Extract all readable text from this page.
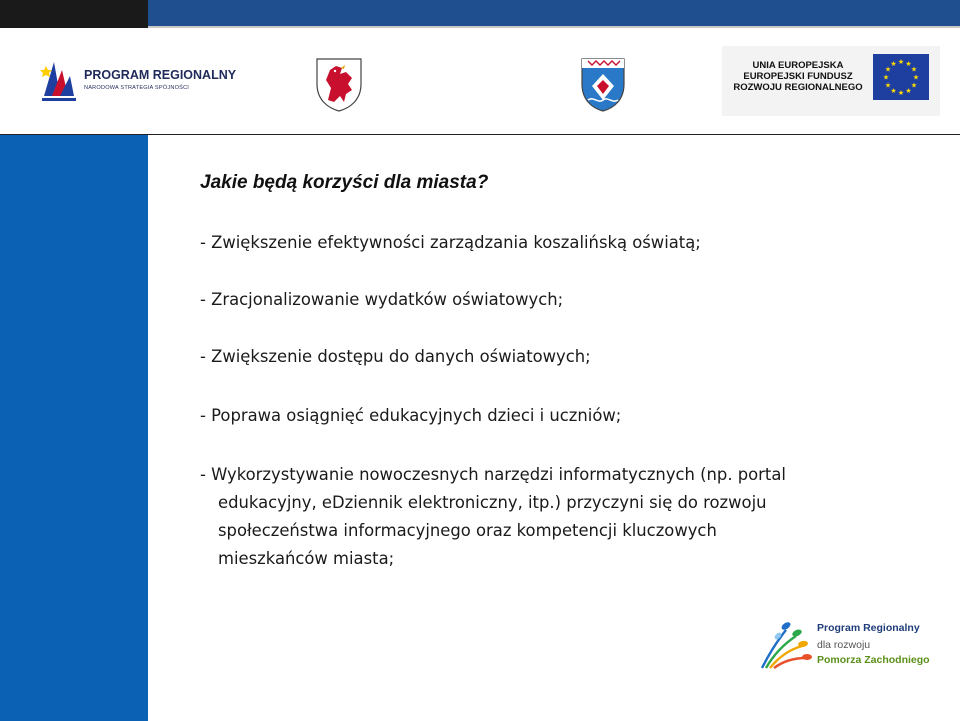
PROGRAM REGIONALNY
NARODOWA STRATEGIA SPÓJNOŚCI
UNIA EUROPEJSKA
EUROPEJSKI FUNDUSZ
ROZWOJU REGIONALNEGO
★ ★
★
★
★
★
★
★
★
★
★
★
Jakie będą korzyści dla miasta?
- Zwiększenie efektywności zarządzania koszalińską oświatą;
- Zracjonalizowanie wydatków oświatowych;
- Zwiększenie dostępu do danych oświatowych;
- Poprawa osiągnięć edukacyjnych dzieci i uczniów;
- Wykorzystywanie nowoczesnych narzędzi informatycznych (np. portal
edukacyjny, eDziennik elektroniczny, itp.) przyczyni się do rozwoju
społeczeństwa informacyjnego oraz kompetencji kluczowych
mieszkańców miasta;
Program Regionalny
dla rozwoju
Pomorza Zachodniego
